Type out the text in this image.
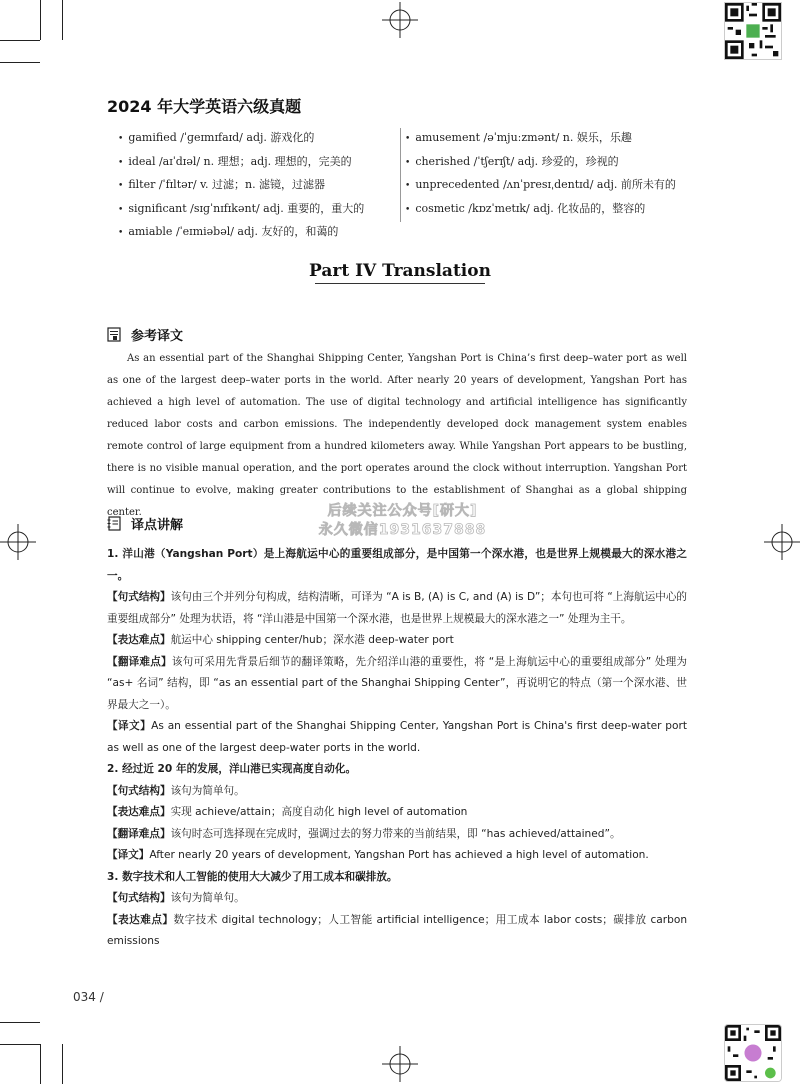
2024 年大学英语六级真题
• gamified /ˈɡeɪmɪfaɪd/ adj. 游戏化的
• ideal /aɪˈdɪəl/ n. 理想；adj. 理想的，完美的
• filter /ˈfɪltər/ v. 过滤；n. 滤镜，过滤器
• significant /sɪɡˈnɪfɪkənt/ adj. 重要的，重大的
• amiable /ˈeɪmiəbəl/ adj. 友好的，和蔼的
• amusement /əˈmjuːzmənt/ n. 娱乐，乐趣
• cherished /ˈtʃerɪʃt/ adj. 珍爱的，珍视的
• unprecedented /ʌnˈpresɪˌdentɪd/ adj. 前所未有的
• cosmetic /kɒzˈmetɪk/ adj. 化妆品的，整容的
Part IV Translation
参考译文

As an essential part of the Shanghai Shipping Center, Yangshan Port is China’s first deep–water port as well as one of the largest deep–water ports in the world. After nearly 20 years of development, Yangshan Port has achieved a high level of automation. The use of digital technology and artificial intelligence has significantly reduced labor costs and carbon emissions. The independently developed dock management system enables remote control of large equipment from a hundred kilometers away. While Yangshan Port appears to be bustling, there is no visible manual operation, and the port operates around the clock without interruption. Yangshan Port will continue to evolve, making greater contributions to the establishment of Shanghai as a global shipping center.

译点讲解
后续关注公众号[研大]
永久微信1931637888

1. 洋山港（Yangshan Port）是上海航运中心的重要组成部分，是中国第一个深水港，也是世界上规模最大的深水港之一。

【句式结构】该句由三个并列分句构成，结构清晰，可译为 “A is B, (A) is C, and (A) is D”；本句也可将 “上海航运中心的重要组成部分” 处理为状语，将 “洋山港是中国第一个深水港，也是世界上规模最大的深水港之一” 处理为主干。

【表达难点】航运中心 shipping center/hub；深水港 deep-water port

【翻译难点】该句可采用先背景后细节的翻译策略，先介绍洋山港的重要性，将 “是上海航运中心的重要组成部分” 处理为 “as+ 名词” 结构，即 “as an essential part of the Shanghai Shipping Center”，再说明它的特点（第一个深水港、世界最大之一）。

【译文】As an essential part of the Shanghai Shipping Center, Yangshan Port is China's first deep-water port as well as one of the largest deep-water ports in the world.

2. 经过近 20 年的发展，洋山港已实现高度自动化。

【句式结构】该句为简单句。

【表达难点】实现 achieve/attain；高度自动化 high level of automation

【翻译难点】该句时态可选择现在完成时，强调过去的努力带来的当前结果，即 “has achieved/attained”。

【译文】After nearly 20 years of development, Yangshan Port has achieved a high level of automation.

3. 数字技术和人工智能的使用大大减少了用工成本和碳排放。

【句式结构】该句为简单句。

【表达难点】数字技术 digital technology；人工智能 artificial intelligence；用工成本 labor costs；碳排放 carbon emissions

034 /
